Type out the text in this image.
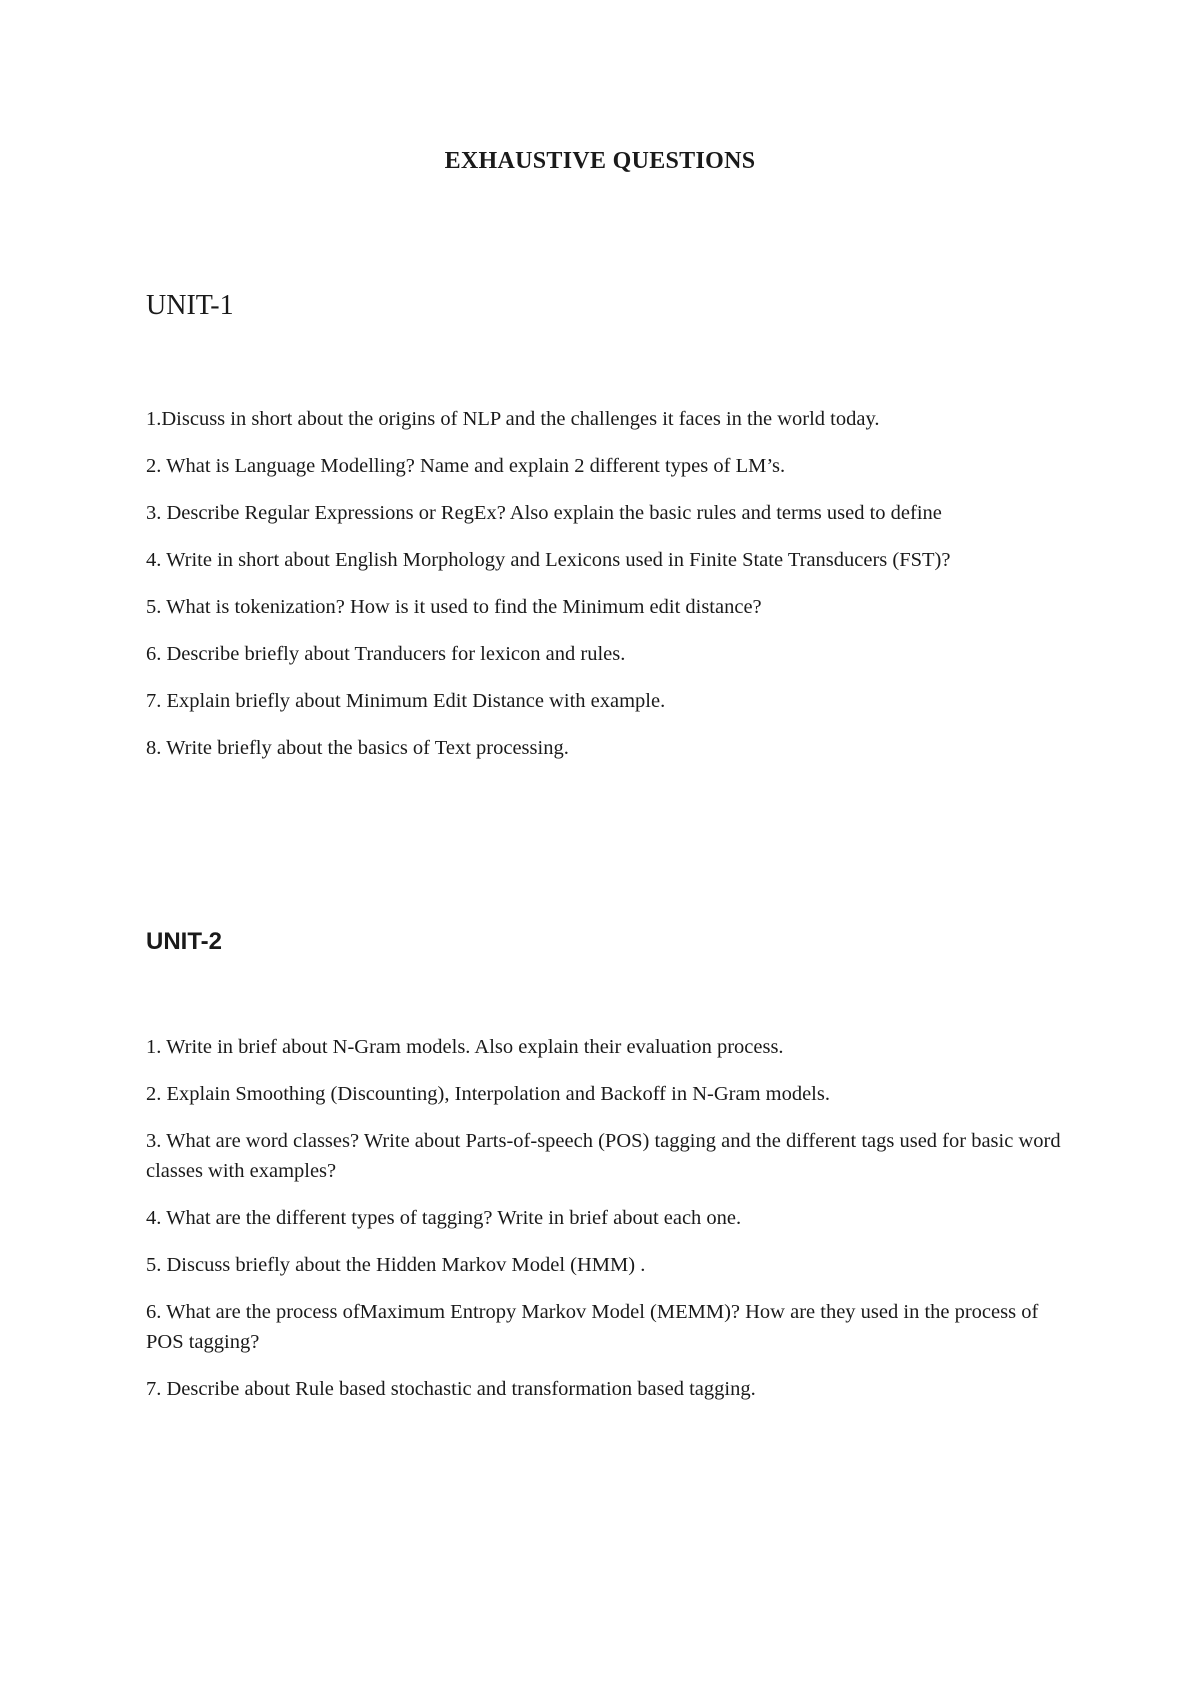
EXHAUSTIVE QUESTIONS
UNIT-1
1.Discuss in short about the origins of NLP and the challenges it faces in the world today.
2. What is Language Modelling? Name and explain 2 different types of LM’s.
3. Describe Regular Expressions or RegEx? Also explain the basic rules and terms used to define
4. Write in short about English Morphology and Lexicons used in Finite State Transducers (FST)?
5. What is tokenization? How is it used to find the Minimum edit distance?
6. Describe briefly about Tranducers for lexicon and rules.
7. Explain briefly about Minimum Edit Distance with example.
8. Write briefly about the basics of Text processing.
UNIT-2
1. Write in brief about N-Gram models. Also explain their evaluation process.
2. Explain Smoothing (Discounting), Interpolation and Backoff in N-Gram models.
3. What are word classes? Write about Parts-of-speech (POS) tagging and the different tags used for basic word classes with examples?
4. What are the different types of tagging? Write in brief about each one.
5. Discuss briefly about the Hidden Markov Model (HMM) .
6. What are the process ofMaximum Entropy Markov Model (MEMM)? How are they used in the process of POS tagging?
7. Describe about Rule based stochastic and transformation based tagging.
